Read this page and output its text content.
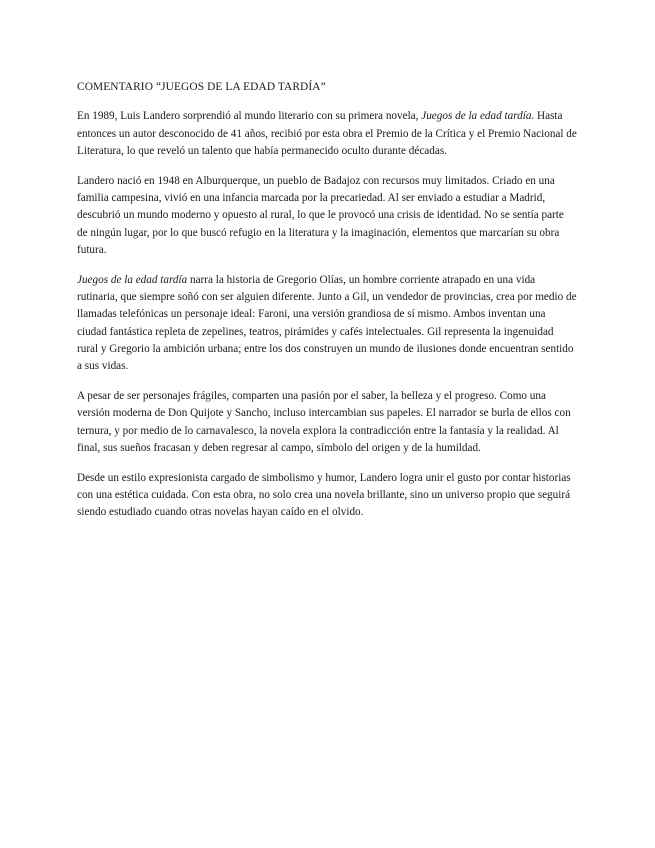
COMENTARIO “JUEGOS DE LA EDAD TARDÍA”

En 1989, Luis Landero sorprendió al mundo literario con su primera novela, Juegos de la edad tardía. Hasta entonces un autor desconocido de 41 años, recibió por esta obra el Premio de la Crítica y el Premio Nacional de Literatura, lo que reveló un talento que había permanecido oculto durante décadas.

Landero nació en 1948 en Alburquerque, un pueblo de Badajoz con recursos muy limitados. Criado en una familia campesina, vivió en una infancia marcada por la precariedad. Al ser enviado a estudiar a Madrid, descubrió un mundo moderno y opuesto al rural, lo que le provocó una crisis de identidad. No se sentía parte de ningún lugar, por lo que buscó refugio en la literatura y la imaginación, elementos que marcarían su obra futura.

Juegos de la edad tardía narra la historia de Gregorio Olías, un hombre corriente atrapado en una vida rutinaria, que siempre soñó con ser alguien diferente. Junto a Gil, un vendedor de provincias, crea por medio de llamadas telefónicas un personaje ideal: Faroni, una versión grandiosa de sí mismo. Ambos inventan una ciudad fantástica repleta de zepelines, teatros, pirámides y cafés intelectuales. Gil representa la ingenuidad rural y Gregorio la ambición urbana; entre los dos construyen un mundo de ilusiones donde encuentran sentido a sus vidas.

A pesar de ser personajes frágiles, comparten una pasión por el saber, la belleza y el progreso. Como una versión moderna de Don Quijote y Sancho, incluso intercambian sus papeles. El narrador se burla de ellos con ternura, y por medio de lo carnavalesco, la novela explora la contradicción entre la fantasía y la realidad. Al final, sus sueños fracasan y deben regresar al campo, símbolo del origen y de la humildad.

Desde un estilo expresionista cargado de simbolismo y humor, Landero logra unir el gusto por contar historias con una estética cuidada. Con esta obra, no solo crea una novela brillante, sino un universo propio que seguirá siendo estudiado cuando otras novelas hayan caído en el olvido.
